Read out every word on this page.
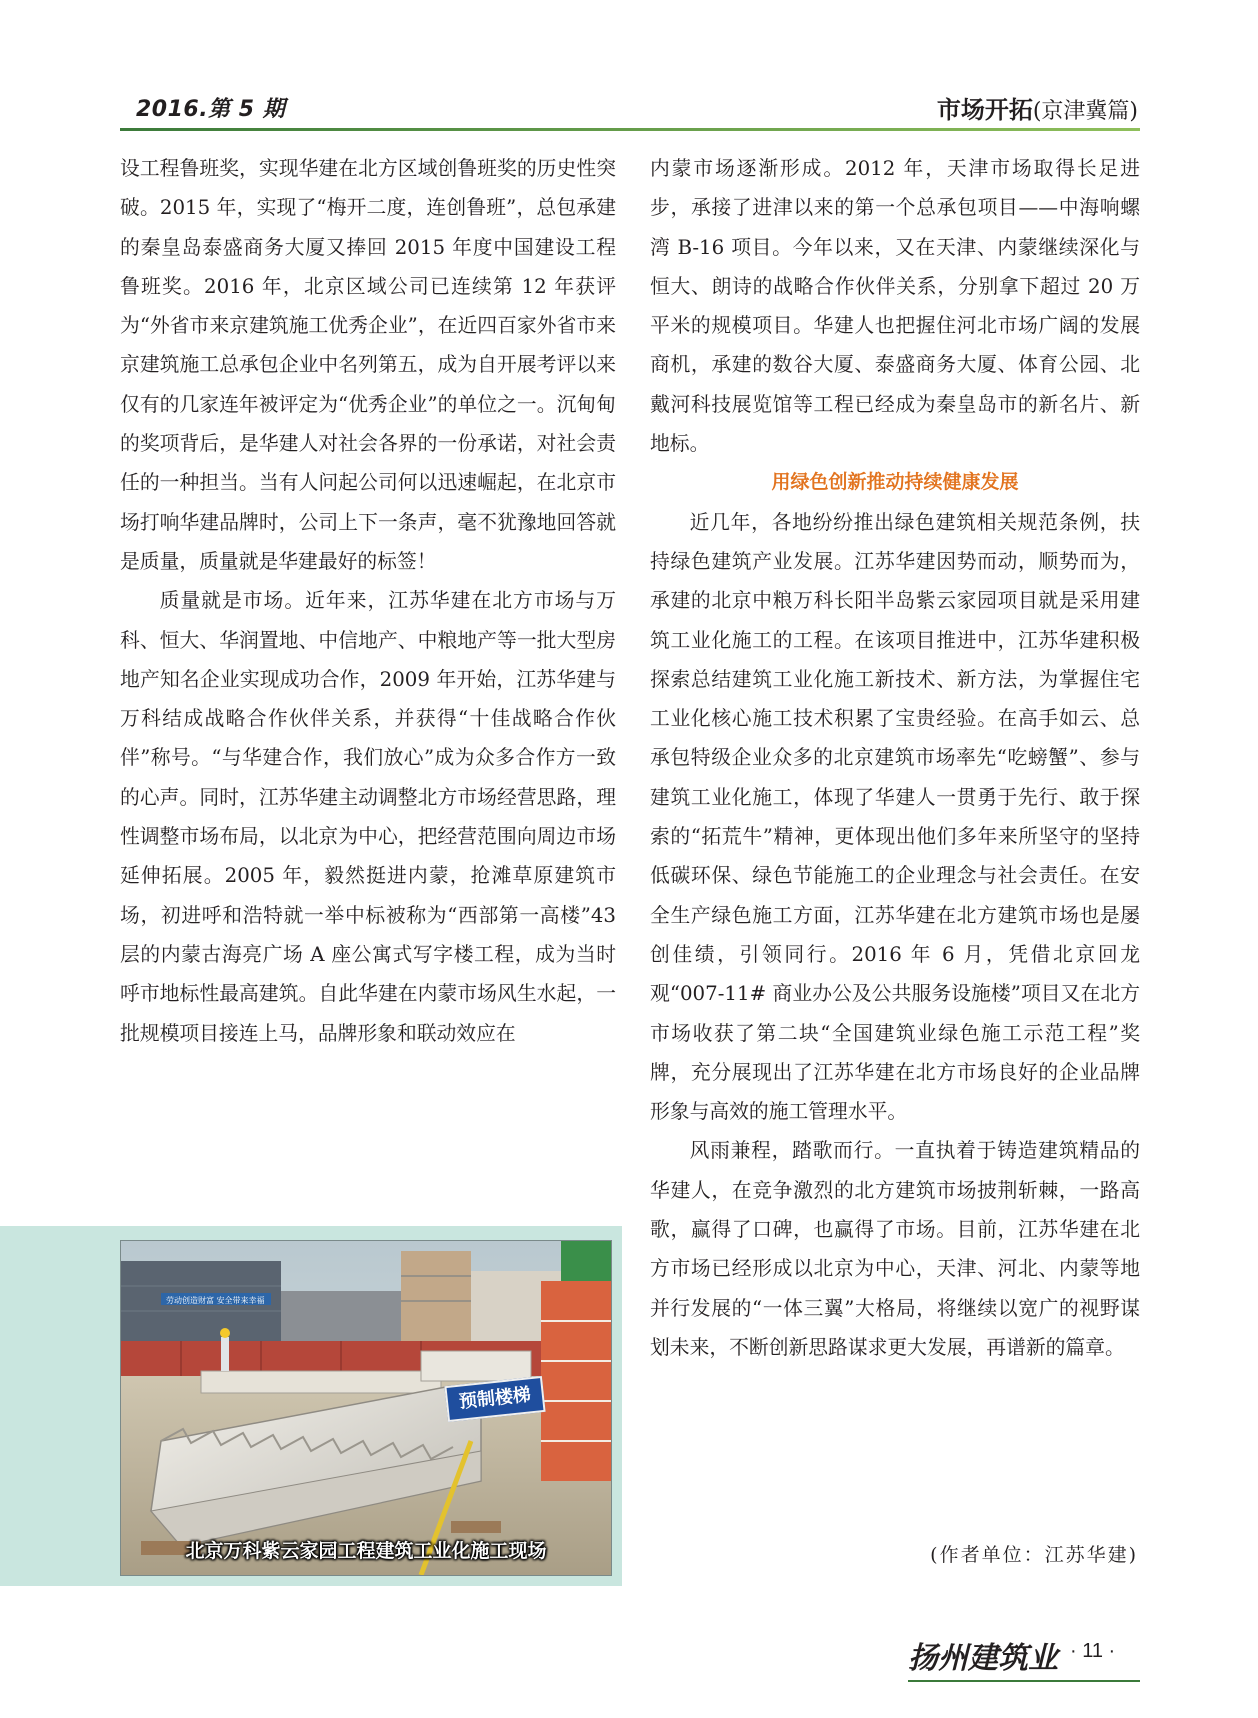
2016.第 5 期	市场开拓(京津冀篇)

设工程鲁班奖，实现华建在北方区域创鲁班奖的历史性突破。2015 年，实现了“梅开二度，连创鲁班”，总包承建的秦皇岛泰盛商务大厦又捧回 2015 年度中国建设工程鲁班奖。2016 年，北京区域公司已连续第 12 年获评为“外省市来京建筑施工优秀企业”，在近四百家外省市来京建筑施工总承包企业中名列第五，成为自开展考评以来仅有的几家连年被评定为“优秀企业”的单位之一。沉甸甸的奖项背后，是华建人对社会各界的一份承诺，对社会责任的一种担当。当有人问起公司何以迅速崛起，在北京市场打响华建品牌时，公司上下一条声，毫不犹豫地回答就是质量，质量就是华建最好的标签！

质量就是市场。近年来，江苏华建在北方市场与万科、恒大、华润置地、中信地产、中粮地产等一批大型房地产知名企业实现成功合作，2009 年开始，江苏华建与万科结成战略合作伙伴关系，并获得“十佳战略合作伙伴”称号。“与华建合作，我们放心”成为众多合作方一致的心声。同时，江苏华建主动调整北方市场经营思路，理性调整市场布局，以北京为中心，把经营范围向周边市场延伸拓展。2005 年，毅然挺进内蒙，抢滩草原建筑市场，初进呼和浩特就一举中标被称为“西部第一高楼”43 层的内蒙古海亮广场 A 座公寓式写字楼工程，成为当时呼市地标性最高建筑。自此华建在内蒙市场风生水起，一批规模项目接连上马，品牌形象和联动效应在

内蒙市场逐渐形成。2012 年，天津市场取得长足进步，承接了进津以来的第一个总承包项目——中海响螺湾 B-16 项目。今年以来，又在天津、内蒙继续深化与恒大、朗诗的战略合作伙伴关系，分别拿下超过 20 万平米的规模项目。华建人也把握住河北市场广阔的发展商机，承建的数谷大厦、泰盛商务大厦、体育公园、北戴河科技展览馆等工程已经成为秦皇岛市的新名片、新地标。

用绿色创新推动持续健康发展

近几年，各地纷纷推出绿色建筑相关规范条例，扶持绿色建筑产业发展。江苏华建因势而动，顺势而为，承建的北京中粮万科长阳半岛紫云家园项目就是采用建筑工业化施工的工程。在该项目推进中，江苏华建积极探索总结建筑工业化施工新技术、新方法，为掌握住宅工业化核心施工技术积累了宝贵经验。在高手如云、总承包特级企业众多的北京建筑市场率先“吃螃蟹”、参与建筑工业化施工，体现了华建人一贯勇于先行、敢于探索的“拓荒牛”精神，更体现出他们多年来所坚守的坚持低碳环保、绿色节能施工的企业理念与社会责任。在安全生产绿色施工方面，江苏华建在北方建筑市场也是屡创佳绩，引领同行。2016 年 6 月，凭借北京回龙观“007-11# 商业办公及公共服务设施楼”项目又在北方市场收获了第二块“全国建筑业绿色施工示范工程”奖牌，充分展现出了江苏华建在北方市场良好的企业品牌形象与高效的施工管理水平。

风雨兼程，踏歌而行。一直执着于铸造建筑精品的华建人，在竞争激烈的北方建筑市场披荆斩棘，一路高歌，赢得了口碑，也赢得了市场。目前，江苏华建在北方市场已经形成以北京为中心，天津、河北、内蒙等地并行发展的“一体三翼”大格局，将继续以宽广的视野谋划未来，不断创新思路谋求更大发展，再谱新的篇章。

(作者单位：江苏华建)

劳动创造财富 安全带来幸福
预制楼梯
北京万科紫云家园工程建筑工业化施工现场
扬州建筑业 · 11 ·
